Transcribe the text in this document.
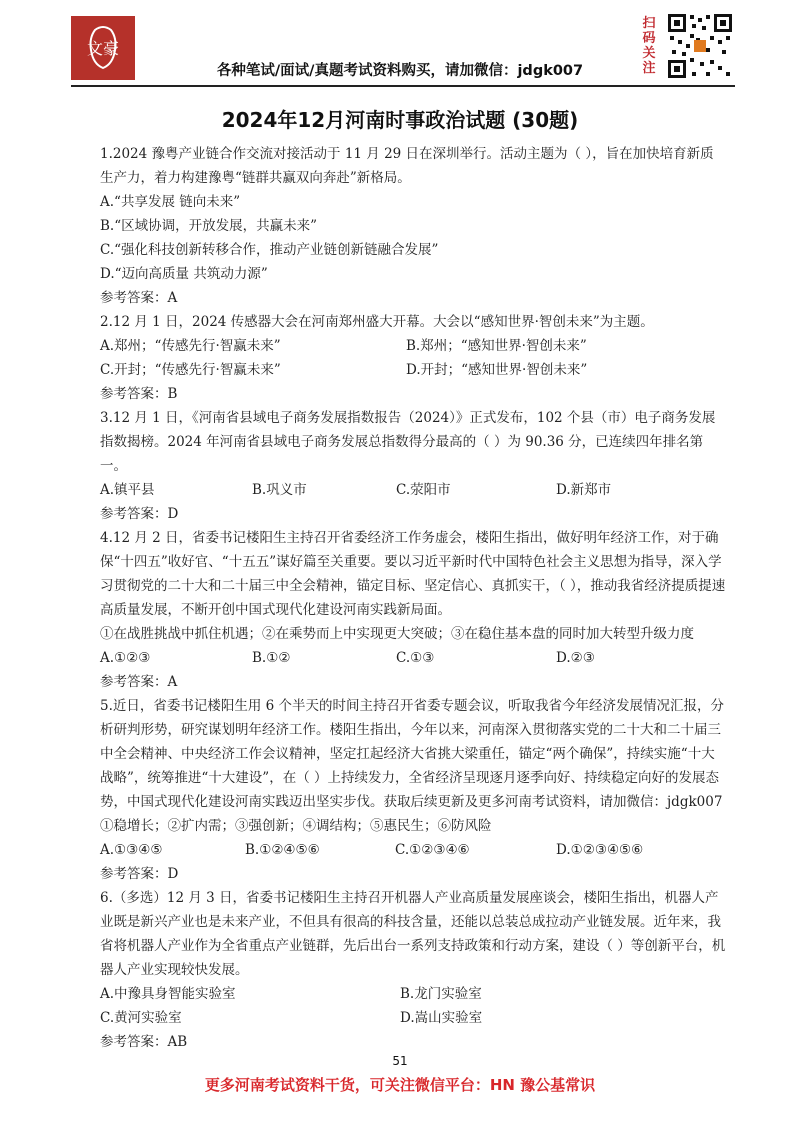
文豪
扫码关注
各种笔试/面试/真题考试资料购买，请加微信：jdgk007
2024年12月河南时事政治试题 (30题)

1.2024 豫粤产业链合作交流对接活动于 11 月 29 日在深圳举行。活动主题为（ ），旨在加快培育新质生产力，着力构建豫粤“链群共赢双向奔赴”新格局。

A.“共享发展 链向未来”
B.“区域协调，开放发展，共赢未来”
C.“强化科技创新转移合作，推动产业链创新链融合发展”
D.“迈向高质量 共筑动力源”
参考答案：A

2.12 月 1 日，2024 传感器大会在河南郑州盛大开幕。大会以“感知世界·智创未来”为主题。

A.郑州；“传感先行·智赢未来”	B.郑州；“感知世界·智创未来”
C.开封；“传感先行·智赢未来”	D.开封；“感知世界·智创未来”
参考答案：B

3.12 月 1 日，《河南省县域电子商务发展指数报告（2024）》正式发布，102 个县（市）电子商务发展指数揭榜。2024 年河南省县域电子商务发展总指数得分最高的（ ）为 90.36 分，已连续四年排名第一。

A.镇平县	B.巩义市	C.荥阳市	D.新郑市
参考答案：D

4.12 月 2 日，省委书记楼阳生主持召开省委经济工作务虚会，楼阳生指出，做好明年经济工作，对于确保“十四五”收好官、“十五五”谋好篇至关重要。要以习近平新时代中国特色社会主义思想为指导，深入学习贯彻党的二十大和二十届三中全会精神，锚定目标、坚定信心、真抓实干，（ ），推动我省经济提质提速高质量发展，不断开创中国式现代化建设河南实践新局面。

①在战胜挑战中抓住机遇；②在乘势而上中实现更大突破；③在稳住基本盘的同时加大转型升级力度
A.①②③	B.①②	C.①③	D.②③
参考答案：A

5.近日，省委书记楼阳生用 6 个半天的时间主持召开省委专题会议，听取我省今年经济发展情况汇报，分析研判形势，研究谋划明年经济工作。楼阳生指出，今年以来，河南深入贯彻落实党的二十大和二十届三中全会精神、中央经济工作会议精神，坚定扛起经济大省挑大梁重任，锚定“两个确保”，持续实施“十大战略”，统筹推进“十大建设”，在（ ）上持续发力，全省经济呈现逐月逐季向好、持续稳定向好的发展态势，中国式现代化建设河南实践迈出坚实步伐。获取后续更新及更多河南考试资料，请加微信：jdgk007

①稳增长；②扩内需；③强创新；④调结构；⑤惠民生；⑥防风险
A.①③④⑤	B.①②④⑤⑥	C.①②③④⑥	D.①②③④⑤⑥
参考答案：D

6.（多选）12 月 3 日，省委书记楼阳生主持召开机器人产业高质量发展座谈会，楼阳生指出，机器人产业既是新兴产业也是未来产业，不但具有很高的科技含量，还能以总装总成拉动产业链发展。近年来，我省将机器人产业作为全省重点产业链群，先后出台一系列支持政策和行动方案，建设（ ）等创新平台，机器人产业实现较快发展。

A.中豫具身智能实验室	B.龙门实验室
C.黄河实验室	D.嵩山实验室
参考答案：AB
51
更多河南考试资料干货，可关注微信平台：HN 豫公基常识
